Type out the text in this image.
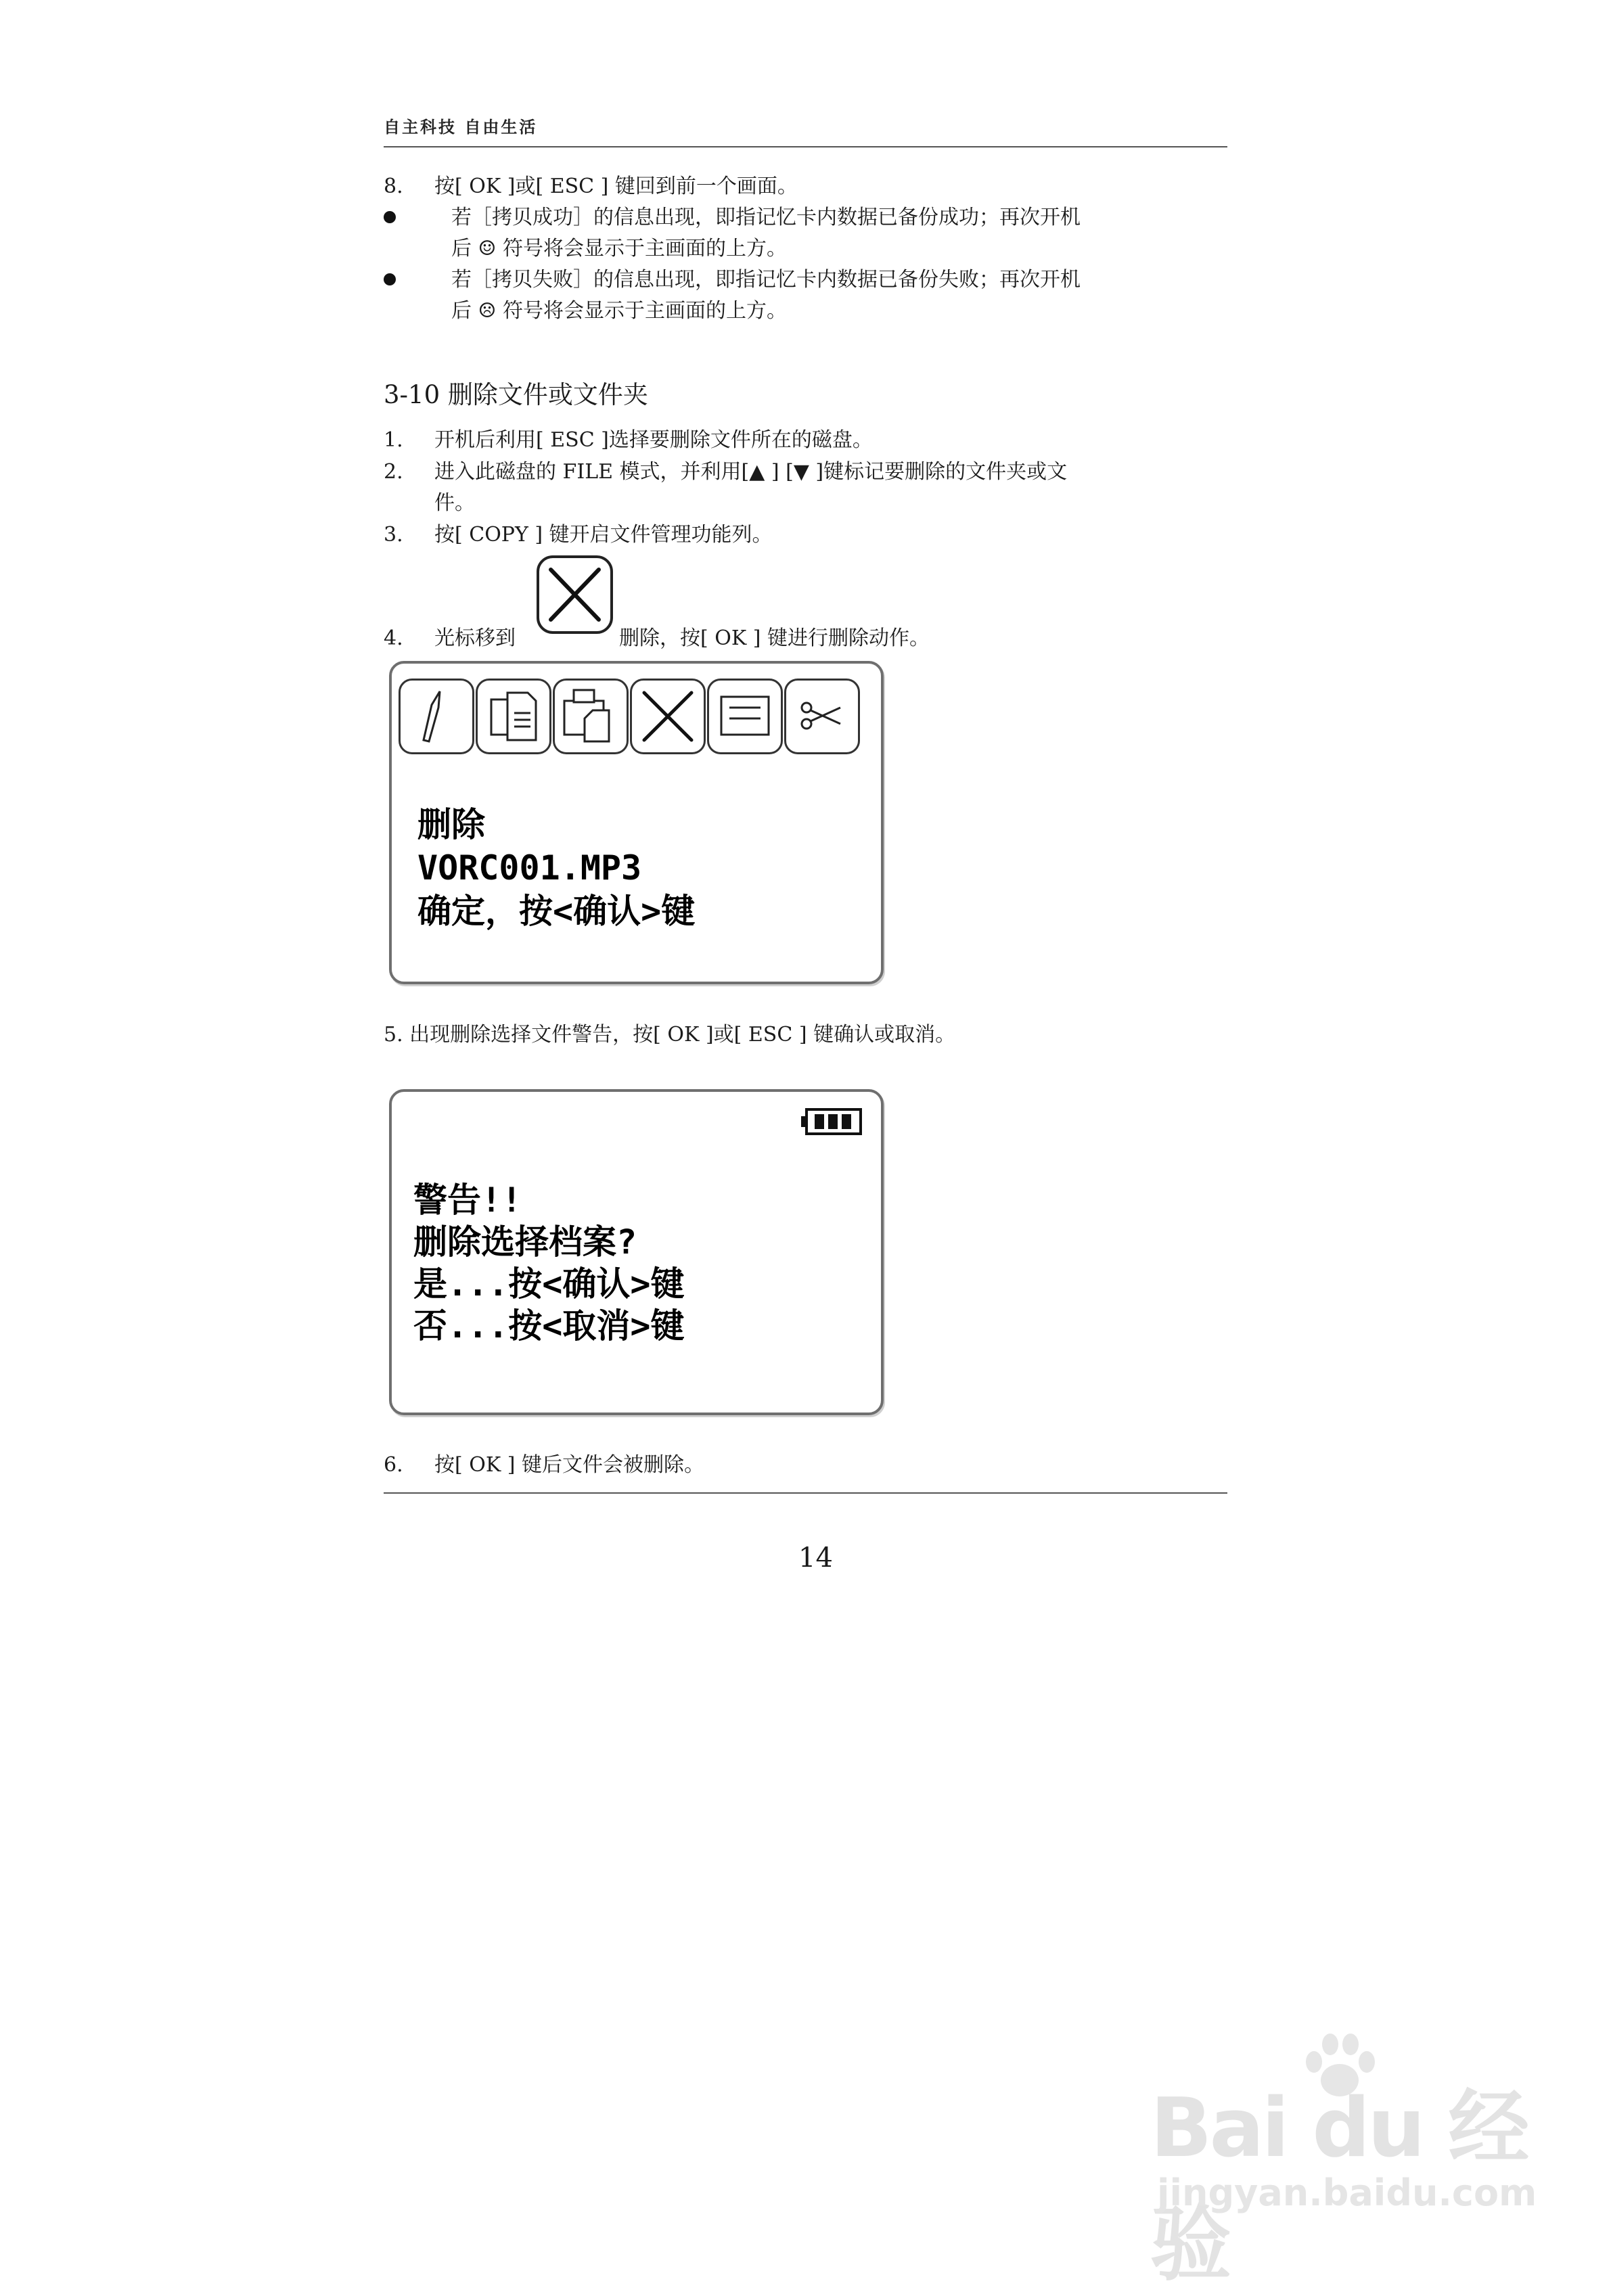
自主科技 自由生活
8. 按[ OK ]或[ ESC ] 键回到前一个画面。
若［拷贝成功］的信息出现，即指记忆卡内数据已备份成功；再次开机
后 ☺ 符号将会显示于主画面的上方。
若［拷贝失败］的信息出现，即指记忆卡内数据已备份失败；再次开机
后 ☹ 符号将会显示于主画面的上方。
3-10 删除文件或文件夹
1. 开机后利用[ ESC ]选择要删除文件所在的磁盘。
2. 进入此磁盘的 FILE 模式，并利用[▲ ] [▼ ]键标记要删除的文件夹或文
件。
3. 按[ COPY ] 键开启文件管理功能列。
4. 光标移到	删除，按[ OK ] 键进行删除动作。
删除
VORC001.MP3
确定，按<确认>键
5. 出现删除选择文件警告，按[ OK ]或[ ESC ] 键确认或取消。
警告!!
删除选择档案?
是...按<确认>键
否...按<取消>键
6. 按[ OK ] 键后文件会被删除。
14
Bai du 经验
jingyan.baidu.com
